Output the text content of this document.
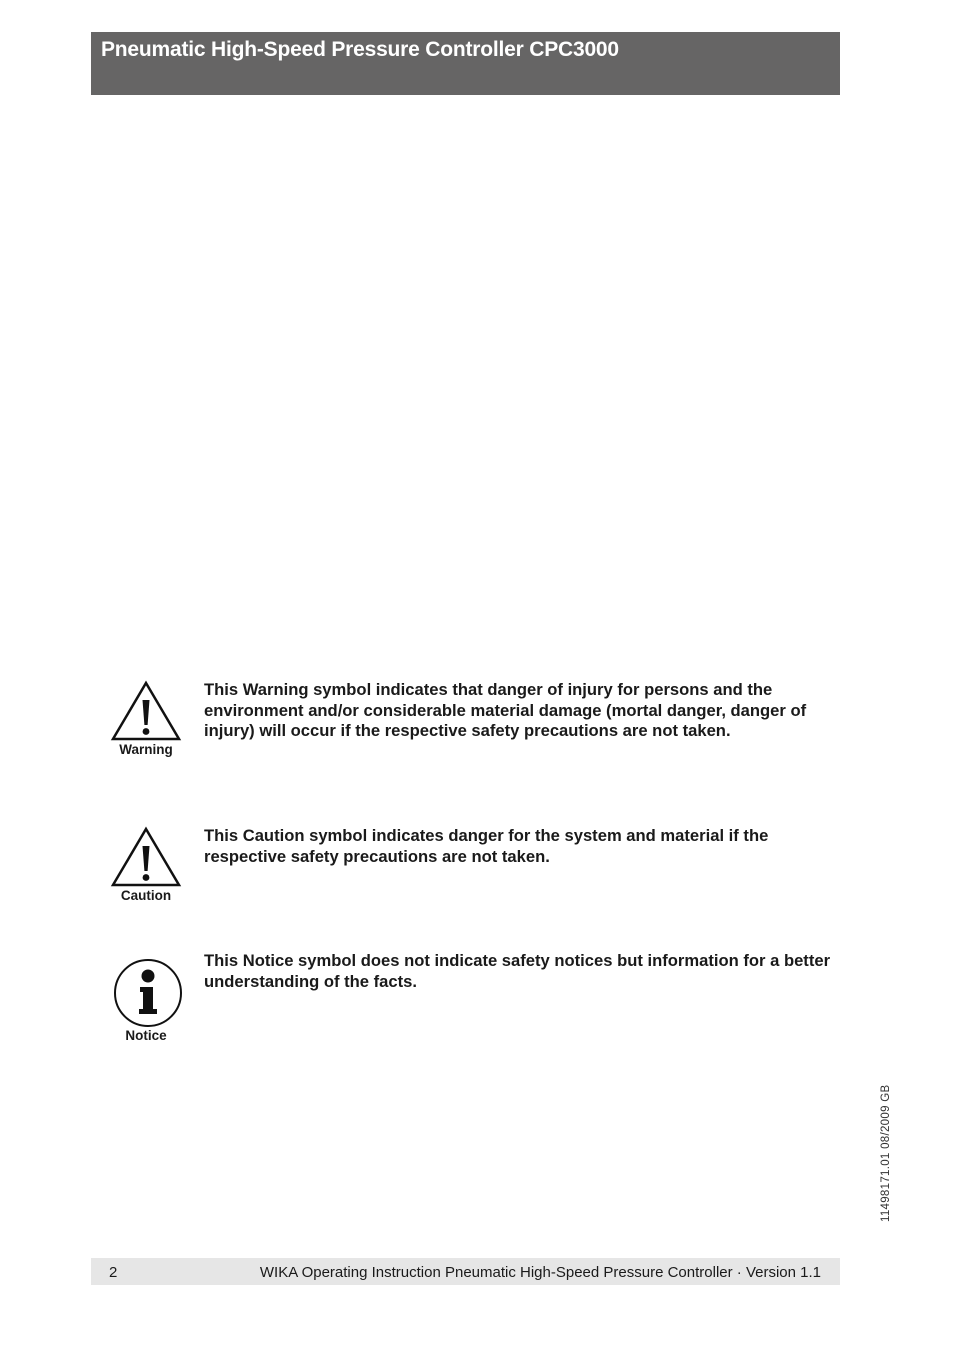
Pneumatic High-Speed Pressure Controller CPC3000
Warning
This Warning symbol indicates that danger of injury for persons and the environment and/or considerable material damage (mortal danger, danger of injury) will occur if the respective safety precautions are not taken.
Caution
This Caution symbol indicates danger for the system and material if the respective safety precautions are not taken.
Notice
This Notice symbol does not indicate safety notices but information for a better understanding of the facts.
11498171.01 08/2009 GB
2	WIKA Operating Instruction Pneumatic High-Speed Pressure Controller · Version 1.1
